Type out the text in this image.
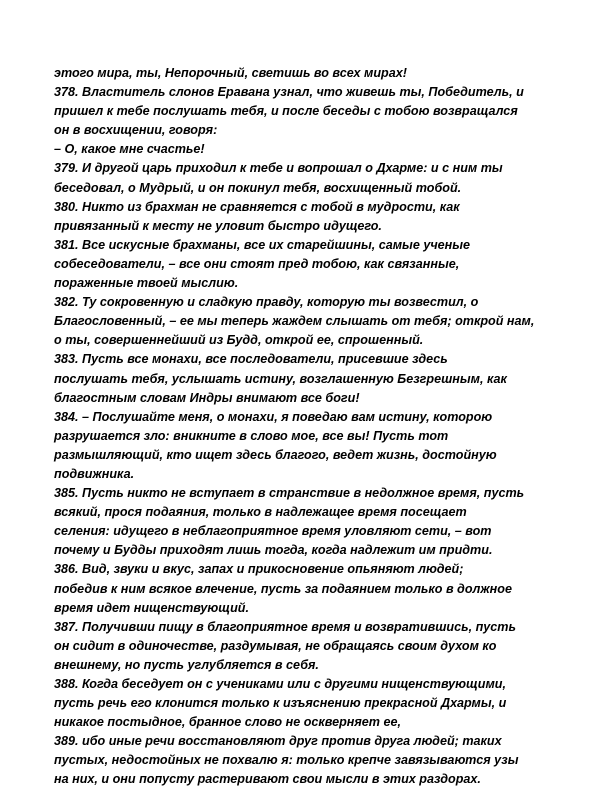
этого мира, ты, Непорочный, светишь во всех мирах!
378. Властитель слонов Еравана узнал, что живешь ты, Победитель, и
пришел к тебе послушать тебя, и после беседы с тобою возвращался
он в восхищении, говоря:
– О, какое мне счастье!
379. И другой царь приходил к тебе и вопрошал о Дхарме: и с ним ты
беседовал, о Мудрый, и он покинул тебя, восхищенный тобой.
380. Никто из брахман не сравняется с тобой в мудрости, как
привязанный к месту не уловит быстро идущего.
381. Все искусные брахманы, все их старейшины, самые ученые
собеседователи, – все они стоят пред тобою, как связанные,
пораженные твоей мыслию.
382. Ту сокровенную и сладкую правду, которую ты возвестил, о
Благословенный, – ее мы теперь жаждем слышать от тебя; открой нам,
о ты, совершеннейший из Будд, открой ее, спрошенный.
383. Пусть все монахи, все последователи, присевшие здесь
послушать тебя, услышать истину, возглашенную Безгрешным, как
благостным словам Индры внимают все боги!
384. – Послушайте меня, о монахи, я поведаю вам истину, которою
разрушается зло: вникните в слово мое, все вы! Пусть тот
размышляющий, кто ищет здесь благого, ведет жизнь, достойную
подвижника.
385. Пусть никто не вступает в странствие в недолжное время, пусть
всякий, прося подаяния, только в надлежащее время посещает
селения: идущего в неблагоприятное время уловляют сети, – вот
почему и Будды приходят лишь тогда, когда надлежит им придти.
386. Вид, звуки и вкус, запах и прикосновение опьяняют людей;
победив к ним всякое влечение, пусть за подаянием только в должное
время идет нищенствующий.
387. Получивши пищу в благоприятное время и возвратившись, пусть
он сидит в одиночестве, раздумывая, не обращаясь своим духом ко
внешнему, но пусть углубляется в себя.
388. Когда беседует он с учениками или с другими нищенствующими,
пусть речь его клонится только к изъяснению прекрасной Дхармы, и
никакое постыдное, бранное слово не оскверняет ее,
389. ибо иные речи восстановляют друг против друга людей; таких
пустых, недостойных не похвалю я: только крепче завязываются узы
на них, и они попусту растеривают свои мысли в этих раздорах.
